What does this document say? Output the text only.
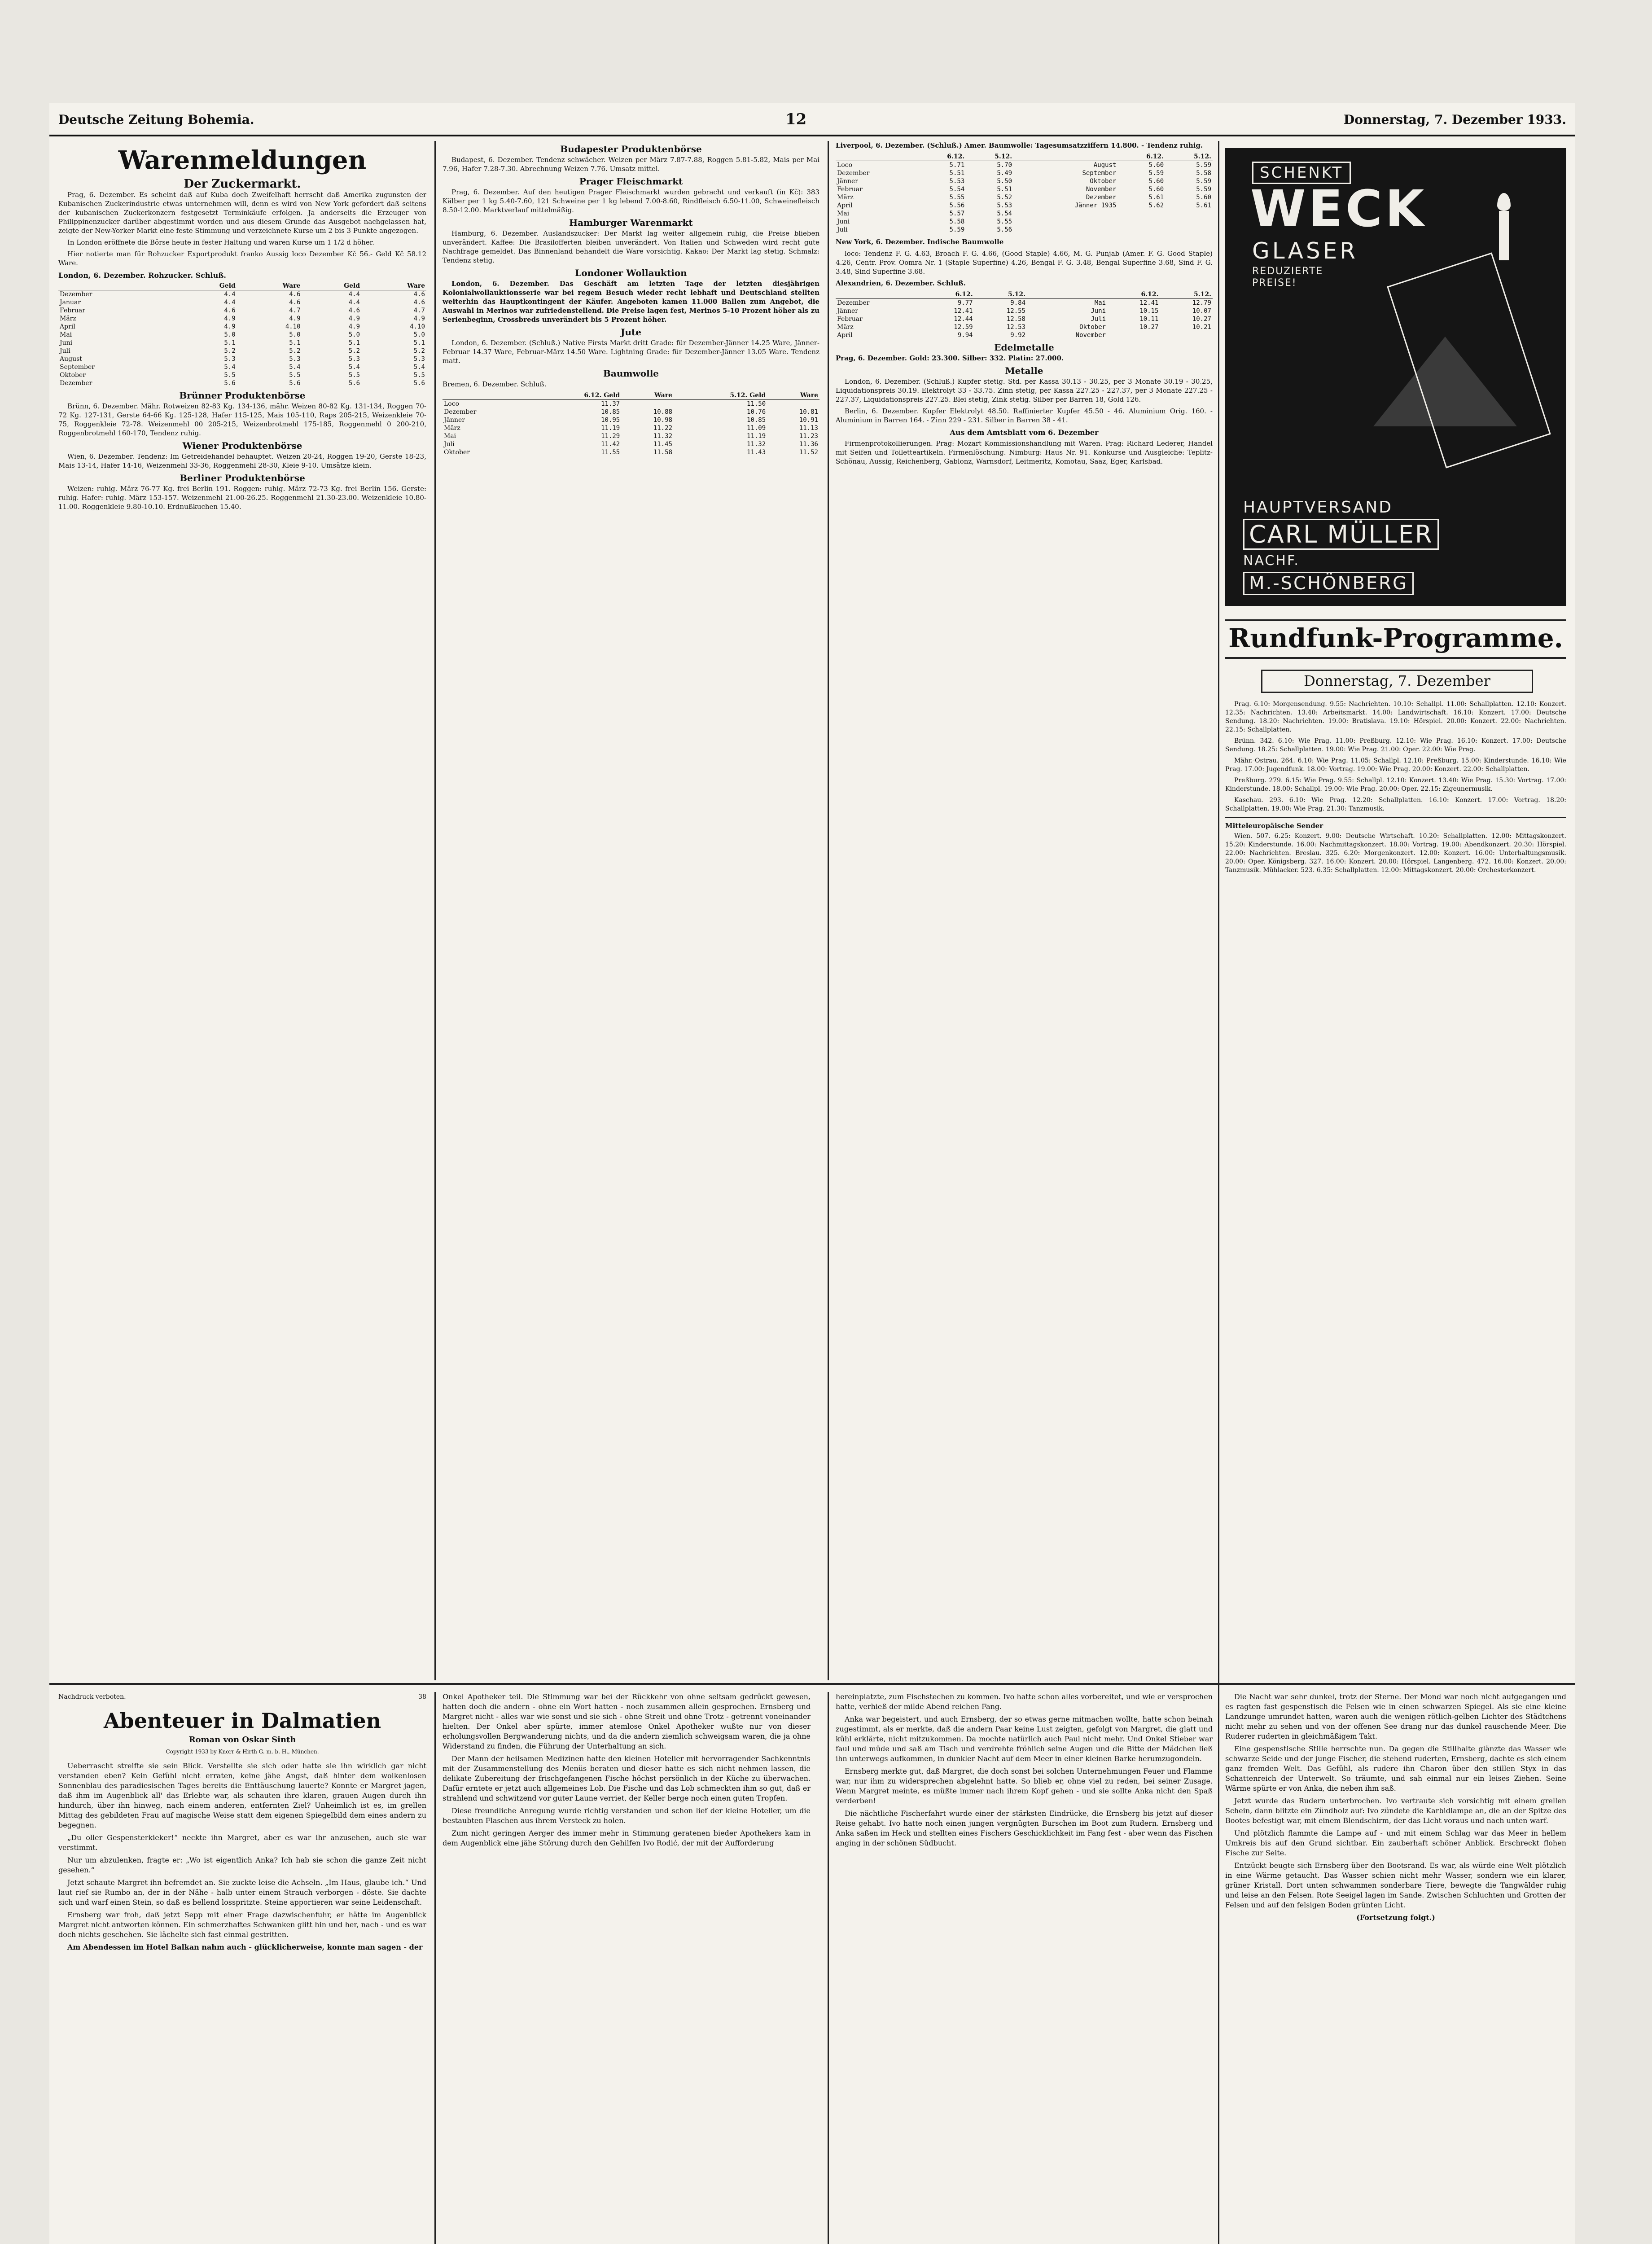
Deutsche Zeitung Bohemia.	12	Donnerstag, 7. Dezember 1933.
Warenmeldungen
Der Zuckermarkt.

Prag, 6. Dezember. Es scheint daß auf Kuba doch Zweifelhaft herrscht daß Amerika zugunsten der Kubanischen Zuckerindustrie etwas unternehmen will, denn es wird von New York gefordert daß seitens der kubanischen Zuckerkonzern festgesetzt Terminkäufe erfolgen. Ja anderseits die Erzeuger von Philippinenzucker darüber abgestimmt worden und aus diesem Grunde das Ausgebot nachgelassen hat, zeigte der New-Yorker Markt eine feste Stimmung und verzeichnete Kurse um 2 bis 3 Punkte angezogen.

In London eröffnete die Börse heute in fester Haltung und waren Kurse um 1 1/2 d höher.

Hier notierte man für Rohzucker Exportprodukt franko Aussig loco Dezember Kč 56.- Geld Kč 58.12 Ware.

London, 6. Dezember. Rohzucker. Schluß.
	Geld	Ware	Geld	Ware
Dezember	4.4	4.6	4.4	4.6
Januar	4.4	4.6	4.4	4.6
Februar	4.6	4.7	4.6	4.7
März	4.9	4.9	4.9	4.9
April	4.9	4.10	4.9	4.10
Mai	5.0	5.0	5.0	5.0
Juni	5.1	5.1	5.1	5.1
Juli	5.2	5.2	5.2	5.2
August	5.3	5.3	5.3	5.3
September	5.4	5.4	5.4	5.4
Oktober	5.5	5.5	5.5	5.5
Dezember	5.6	5.6	5.6	5.6
Brünner Produktenbörse

Brünn, 6. Dezember. Mähr. Rotweizen 82-83 Kg. 134-136, mähr. Weizen 80-82 Kg. 131-134, Roggen 70-72 Kg. 127-131, Gerste 64-66 Kg. 125-128, Hafer 115-125, Mais 105-110, Raps 205-215, Weizenkleie 70-75, Roggenkleie 72-78. Weizenmehl 00 205-215, Weizenbrotmehl 175-185, Roggenmehl 0 200-210, Roggenbrotmehl 160-170, Tendenz ruhig.

Wiener Produktenbörse

Wien, 6. Dezember. Tendenz: Im Getreidehandel behauptet. Weizen 20-24, Roggen 19-20, Gerste 18-23, Mais 13-14, Hafer 14-16, Weizenmehl 33-36, Roggenmehl 28-30, Kleie 9-10. Umsätze klein.

Berliner Produktenbörse

Weizen: ruhig. März 76-77 Kg. frei Berlin 191. Roggen: ruhig. März 72-73 Kg. frei Berlin 156. Gerste: ruhig. Hafer: ruhig. März 153-157. Weizenmehl 21.00-26.25. Roggenmehl 21.30-23.00. Weizenkleie 10.80-11.00. Roggenkleie 9.80-10.10. Erdnußkuchen 15.40.

Budapester Produktenbörse

Budapest, 6. Dezember. Tendenz schwächer. Weizen per März 7.87-7.88, Roggen 5.81-5.82, Mais per Mai 7.96, Hafer 7.28-7.30. Abrechnung Weizen 7.76. Umsatz mittel.

Prager Fleischmarkt

Prag, 6. Dezember. Auf den heutigen Prager Fleischmarkt wurden gebracht und verkauft (in Kč): 383 Kälber per 1 kg 5.40-7.60, 121 Schweine per 1 kg lebend 7.00-8.60, Rindfleisch 6.50-11.00, Schweinefleisch 8.50-12.00. Marktverlauf mittelmäßig.

Hamburger Warenmarkt

Hamburg, 6. Dezember. Auslandszucker: Der Markt lag weiter allgemein ruhig, die Preise blieben unverändert. Kaffee: Die Brasilofferten bleiben unverändert. Von Italien und Schweden wird recht gute Nachfrage gemeldet. Das Binnenland behandelt die Ware vorsichtig. Kakao: Der Markt lag stetig. Schmalz: Tendenz stetig.

Londoner Wollauktion

London, 6. Dezember. Das Geschäft am letzten Tage der letzten diesjährigen Kolonialwollauktionsserie war bei regem Besuch wieder recht lebhaft und Deutschland stellten weiterhin das Hauptkontingent der Käufer. Angeboten kamen 11.000 Ballen zum Angebot, die Auswahl in Merinos war zufriedenstellend. Die Preise lagen fest, Merinos 5-10 Prozent höher als zu Serienbeginn, Crossbreds unverändert bis 5 Prozent höher.

Jute

London, 6. Dezember. (Schluß.) Native Firsts Markt dritt Grade: für Dezember-Jänner 14.25 Ware, Jänner-Februar 14.37 Ware, Februar-März 14.50 Ware. Lightning Grade: für Dezember-Jänner 13.05 Ware. Tendenz matt.

Baumwolle

Bremen, 6. Dezember. Schluß.

	6.12. Geld	Ware	5.12. Geld	Ware
Loco	11.37		11.50	
Dezember	10.85	10.88	10.76	10.81
Jänner	10.95	10.98	10.85	10.91
März	11.19	11.22	11.09	11.13
Mai	11.29	11.32	11.19	11.23
Juli	11.42	11.45	11.32	11.36
Oktober	11.55	11.58	11.43	11.52

Liverpool, 6. Dezember. (Schluß.) Amer. Baumwolle: Tagesumsatzziffern 14.800. - Tendenz ruhig.

	6.12.	5.12.		6.12.	5.12.
Loco	5.71	5.70	August	5.60	5.59
Dezember	5.51	5.49	September	5.59	5.58
Jänner	5.53	5.50	Oktober	5.60	5.59
Februar	5.54	5.51	November	5.60	5.59
März	5.55	5.52	Dezember	5.61	5.60
April	5.56	5.53	Jänner 1935	5.62	5.61
Mai	5.57	5.54			
Juni	5.58	5.55			
Juli	5.59	5.56			

New York, 6. Dezember. Indische Baumwolle

loco: Tendenz F. G. 4.63, Broach F. G. 4.66, (Good Staple) 4.66, M. G. Punjab (Amer. F. G. Good Staple) 4.26, Centr. Prov. Oomra Nr. 1 (Staple Superfine) 4.26, Bengal F. G. 3.48, Bengal Superfine 3.68, Sind F. G. 3.48, Sind Superfine 3.68.

Alexandrien, 6. Dezember. Schluß.

	6.12.	5.12.		6.12.	5.12.
Dezember	9.77	9.84	Mai	12.41	12.79
Jänner	12.41	12.55	Juni	10.15	10.07
Februar	12.44	12.58	Juli	10.11	10.27
März	12.59	12.53	Oktober	10.27	10.21
April	9.94	9.92	November		
Edelmetalle

Prag, 6. Dezember. Gold: 23.300. Silber: 332. Platin: 27.000.

Metalle

London, 6. Dezember. (Schluß.) Kupfer stetig. Std. per Kassa 30.13 - 30.25, per 3 Monate 30.19 - 30.25, Liquidationspreis 30.19. Elektrolyt 33 - 33.75. Zinn stetig, per Kassa 227.25 - 227.37, per 3 Monate 227.25 - 227.37, Liquidationspreis 227.25. Blei stetig, Zink stetig. Silber per Barren 18, Gold 126.

Berlin, 6. Dezember. Kupfer Elektrolyt 48.50. Raffinierter Kupfer 45.50 - 46. Aluminium Orig. 160. - Aluminium in Barren 164. - Zinn 229 - 231. Silber in Barren 38 - 41.

Aus dem Amtsblatt vom 6. Dezember

Firmenprotokollierungen. Prag: Mozart Kommissionshandlung mit Waren. Prag: Richard Lederer, Handel mit Seifen und Toiletteartikeln. Firmenlöschung. Nimburg: Haus Nr. 91. Konkurse und Ausgleiche: Teplitz-Schönau, Aussig, Reichenberg, Gablonz, Warnsdorf, Leitmeritz, Komotau, Saaz, Eger, Karlsbad.

SCHENKT
WECK
GLASER
REDUZIERTE
PREISE!
HAUPTVERSAND
CARL MÜLLER
NACHF.
M.-SCHÖNBERG
Rundfunk-Programme.
Donnerstag, 7. Dezember

Prag. 6.10: Morgensendung. 9.55: Nachrichten. 10.10: Schallpl. 11.00: Schallplatten. 12.10: Konzert. 12.35: Nachrichten. 13.40: Arbeitsmarkt. 14.00: Landwirtschaft. 16.10: Konzert. 17.00: Deutsche Sendung. 18.20: Nachrichten. 19.00: Bratislava. 19.10: Hörspiel. 20.00: Konzert. 22.00: Nachrichten. 22.15: Schallplatten.

Brünn. 342. 6.10: Wie Prag. 11.00: Preßburg. 12.10: Wie Prag. 16.10: Konzert. 17.00: Deutsche Sendung. 18.25: Schallplatten. 19.00: Wie Prag. 21.00: Oper. 22.00: Wie Prag.

Mähr.-Ostrau. 264. 6.10: Wie Prag. 11.05: Schallpl. 12.10: Preßburg. 15.00: Kinderstunde. 16.10: Wie Prag. 17.00: Jugendfunk. 18.00: Vortrag. 19.00: Wie Prag. 20.00: Konzert. 22.00: Schallplatten.

Preßburg. 279. 6.15: Wie Prag. 9.55: Schallpl. 12.10: Konzert. 13.40: Wie Prag. 15.30: Vortrag. 17.00: Kinderstunde. 18.00: Schallpl. 19.00: Wie Prag. 20.00: Oper. 22.15: Zigeunermusik.

Kaschau. 293. 6.10: Wie Prag. 12.20: Schallplatten. 16.10: Konzert. 17.00: Vortrag. 18.20: Schallplatten. 19.00: Wie Prag. 21.30: Tanzmusik.

Mitteleuropäische Sender

Wien. 507. 6.25: Konzert. 9.00: Deutsche Wirtschaft. 10.20: Schallplatten. 12.00: Mittagskonzert. 15.20: Kinderstunde. 16.00: Nachmittagskonzert. 18.00: Vortrag. 19.00: Abendkonzert. 20.30: Hörspiel. 22.00: Nachrichten. Breslau. 325. 6.20: Morgenkonzert. 12.00: Konzert. 16.00: Unterhaltungsmusik. 20.00: Oper. Königsberg. 327. 16.00: Konzert. 20.00: Hörspiel. Langenberg. 472. 16.00: Konzert. 20.00: Tanzmusik. Mühlacker. 523. 6.35: Schallplatten. 12.00: Mittagskonzert. 20.00: Orchesterkonzert.

Nachdruck verboten.	38
Abenteuer in Dalmatien
Roman von Oskar Sinth
Copyright 1933 by Knorr & Hirth G. m. b. H., München.

Ueberrascht streifte sie sein Blick. Verstellte sie sich oder hatte sie ihn wirklich gar nicht verstanden eben? Kein Gefühl nicht erraten, keine jähe Angst, daß hinter dem wolkenlosen Sonnenblau des paradiesischen Tages bereits die Enttäuschung lauerte? Konnte er Margret jagen, daß ihm im Augenblick all' das Erlebte war, als schauten ihre klaren, grauen Augen durch ihn hindurch, über ihn hinweg, nach einem anderen, entfernten Ziel? Unheimlich ist es, im grellen Mittag des gebildeten Frau auf magische Weise statt dem eigenen Spiegelbild dem eines andern zu begegnen.

„Du oller Gespensterkieker!“ neckte ihn Margret, aber es war ihr anzusehen, auch sie war verstimmt.

Nur um abzulenken, fragte er: „Wo ist eigentlich Anka? Ich hab sie schon die ganze Zeit nicht gesehen.“

Jetzt schaute Margret ihn befremdet an. Sie zuckte leise die Achseln. „Im Haus, glaube ich.“ Und laut rief sie Rumbo an, der in der Nähe - halb unter einem Strauch verborgen - döste. Sie dachte sich und warf einen Stein, so daß es bellend losspritzte. Steine apportieren war seine Leidenschaft.

Ernsberg war froh, daß jetzt Sepp mit einer Frage dazwischenfuhr, er hätte im Augenblick Margret nicht antworten können. Ein schmerzhaftes Schwanken glitt hin und her, nach - und es war doch nichts geschehen. Sie lächelte sich fast einmal gestritten.

Am Abendessen im Hotel Balkan nahm auch - glücklicherweise, konnte man sagen - der

Onkel Apotheker teil. Die Stimmung war bei der Rückkehr von ohne seltsam gedrückt gewesen, hatten doch die andern - ohne ein Wort hatten - noch zusammen allein gesprochen. Ernsberg und Margret nicht - alles war wie sonst und sie sich - ohne Streit und ohne Trotz - getrennt voneinander hielten. Der Onkel aber spürte, immer atemlose Onkel Apotheker wußte nur von dieser erholungsvollen Bergwanderung nichts, und da die andern ziemlich schweigsam waren, die ja ohne Widerstand zu finden, die Führung der Unterhaltung an sich.

Der Mann der heilsamen Medizinen hatte den kleinen Hotelier mit hervorragender Sachkenntnis mit der Zusammenstellung des Menüs beraten und dieser hatte es sich nicht nehmen lassen, die delikate Zubereitung der frischgefangenen Fische höchst persönlich in der Küche zu überwachen. Dafür erntete er jetzt auch allgemeines Lob. Die Fische und das Lob schmeckten ihm so gut, daß er strahlend und schwitzend vor guter Laune verriet, der Keller berge noch einen guten Tropfen.

Diese freundliche Anregung wurde richtig verstanden und schon lief der kleine Hotelier, um die bestaubten Flaschen aus ihrem Versteck zu holen.

Zum nicht geringen Aerger des immer mehr in Stimmung geratenen bieder Apothekers kam in dem Augenblick eine jähe Störung durch den Gehilfen Ivo Rodić, der mit der Aufforderung

hereinplatzte, zum Fischstechen zu kommen. Ivo hatte schon alles vorbereitet, und wie er versprochen hatte, verhieß der milde Abend reichen Fang.

Anka war begeistert, und auch Ernsberg, der so etwas gerne mitmachen wollte, hatte schon beinah zugestimmt, als er merkte, daß die andern Paar keine Lust zeigten, gefolgt von Margret, die glatt und kühl erklärte, nicht mitzukommen. Da mochte natürlich auch Paul nicht mehr. Und Onkel Stieber war faul und müde und saß am Tisch und verdrehte fröhlich seine Augen und die Bitte der Mädchen ließ ihn unterwegs aufkommen, in dunkler Nacht auf dem Meer in einer kleinen Barke herumzugondeln.

Ernsberg merkte gut, daß Margret, die doch sonst bei solchen Unternehmungen Feuer und Flamme war, nur ihm zu widersprechen abgelehnt hatte. So blieb er, ohne viel zu reden, bei seiner Zusage. Wenn Margret meinte, es müßte immer nach ihrem Kopf gehen - und sie sollte Anka nicht den Spaß verderben!

Die nächtliche Fischerfahrt wurde einer der stärksten Eindrücke, die Ernsberg bis jetzt auf dieser Reise gehabt. Ivo hatte noch einen jungen vergnügten Burschen im Boot zum Rudern. Ernsberg und Anka saßen im Heck und stellten eines Fischers Geschicklichkeit im Fang fest - aber wenn das Fischen anging in der schönen Südbucht.

Die Nacht war sehr dunkel, trotz der Sterne. Der Mond war noch nicht aufgegangen und es ragten fast gespenstisch die Felsen wie in einen schwarzen Spiegel. Als sie eine kleine Landzunge umrundet hatten, waren auch die wenigen rötlich-gelben Lichter des Städtchens nicht mehr zu sehen und von der offenen See drang nur das dunkel rauschende Meer. Die Ruderer ruderten in gleichmäßigem Takt.

Eine gespenstische Stille herrschte nun. Da gegen die Stillhalte glänzte das Wasser wie schwarze Seide und der junge Fischer, die stehend ruderten, Ernsberg, dachte es sich einem ganz fremden Welt. Das Gefühl, als rudere ihn Charon über den stillen Styx in das Schattenreich der Unterwelt. So träumte, und sah einmal nur ein leises Ziehen. Seine Wärme spürte er von Anka, die neben ihm saß.

Jetzt wurde das Rudern unterbrochen. Ivo vertraute sich vorsichtig mit einem grellen Schein, dann blitzte ein Zündholz auf: Ivo zündete die Karbidlampe an, die an der Spitze des Bootes befestigt war, mit einem Blendschirm, der das Licht voraus und nach unten warf.

Und plötzlich flammte die Lampe auf - und mit einem Schlag war das Meer in hellem Umkreis bis auf den Grund sichtbar. Ein zauberhaft schöner Anblick. Erschreckt flohen Fische zur Seite.

Entzückt beugte sich Ernsberg über den Bootsrand. Es war, als würde eine Welt plötzlich in eine Wärme getaucht. Das Wasser schien nicht mehr Wasser, sondern wie ein klarer, grüner Kristall. Dort unten schwammen sonderbare Tiere, bewegte die Tangwälder ruhig und leise an den Felsen. Rote Seeigel lagen im Sande. Zwischen Schluchten und Grotten der Felsen und auf den felsigen Boden grünten Licht.

(Fortsetzung folgt.)
